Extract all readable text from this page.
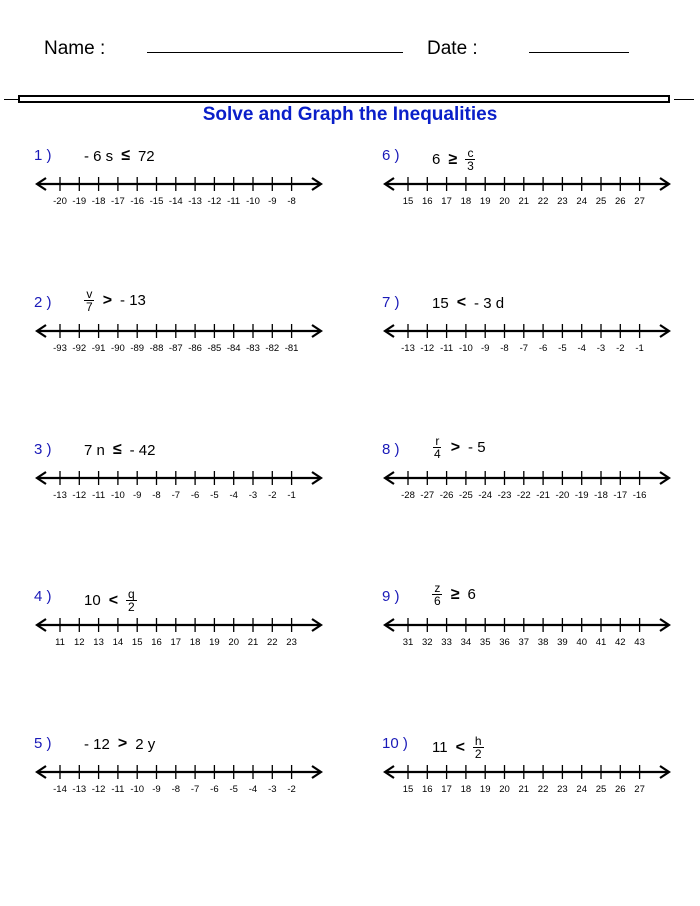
Name :	Date :
Solve and Graph the Inequalities
1 ) - 6 s ≤ 72
-20 -19 -18 -17 -16 -15 -14 -13 -12 -11 -10 -9 -8
2 )	$\frac{v}{7}$ > - 13
-93 -92 -91 -90 -89 -88 -87 -86 -85 -84 -83 -82 -81
3 ) 7 n ≤ - 42
-13 -12 -11 -10 -9 -8 -7 -6 -5 -4 -3 -2 -1
4 ) $10 < \frac{q}{2}$
11 12 13 14 15 16 17 18 19 20 21 22 23
5 ) - 12 > 2 y
-14 -13 -12 -11 -10 -9 -8 -7 -6 -5 -4 -3 -2
6 ) $6 \ge \frac{c}{3}$
15 16 17 18 19 20 21 22 23 24 25 26 27
7 ) 15 < - 3 d
-13 -12 -11 -10 -9 -8 -7 -6 -5 -4 -3 -2 -1
8 )	$\frac{r}{4}$ > - 5
-28 -27 -26 -25 -24 -23 -22 -21 -20 -19 -18 -17 -16
9 )	$\frac{z}{6} \ge 6$
31 32 33 34 35 36 37 38 39 40 41 42 43
10 ) $11 < \frac{h}{2}$
15 16 17 18 19 20 21 22 23 24 25 26 27
